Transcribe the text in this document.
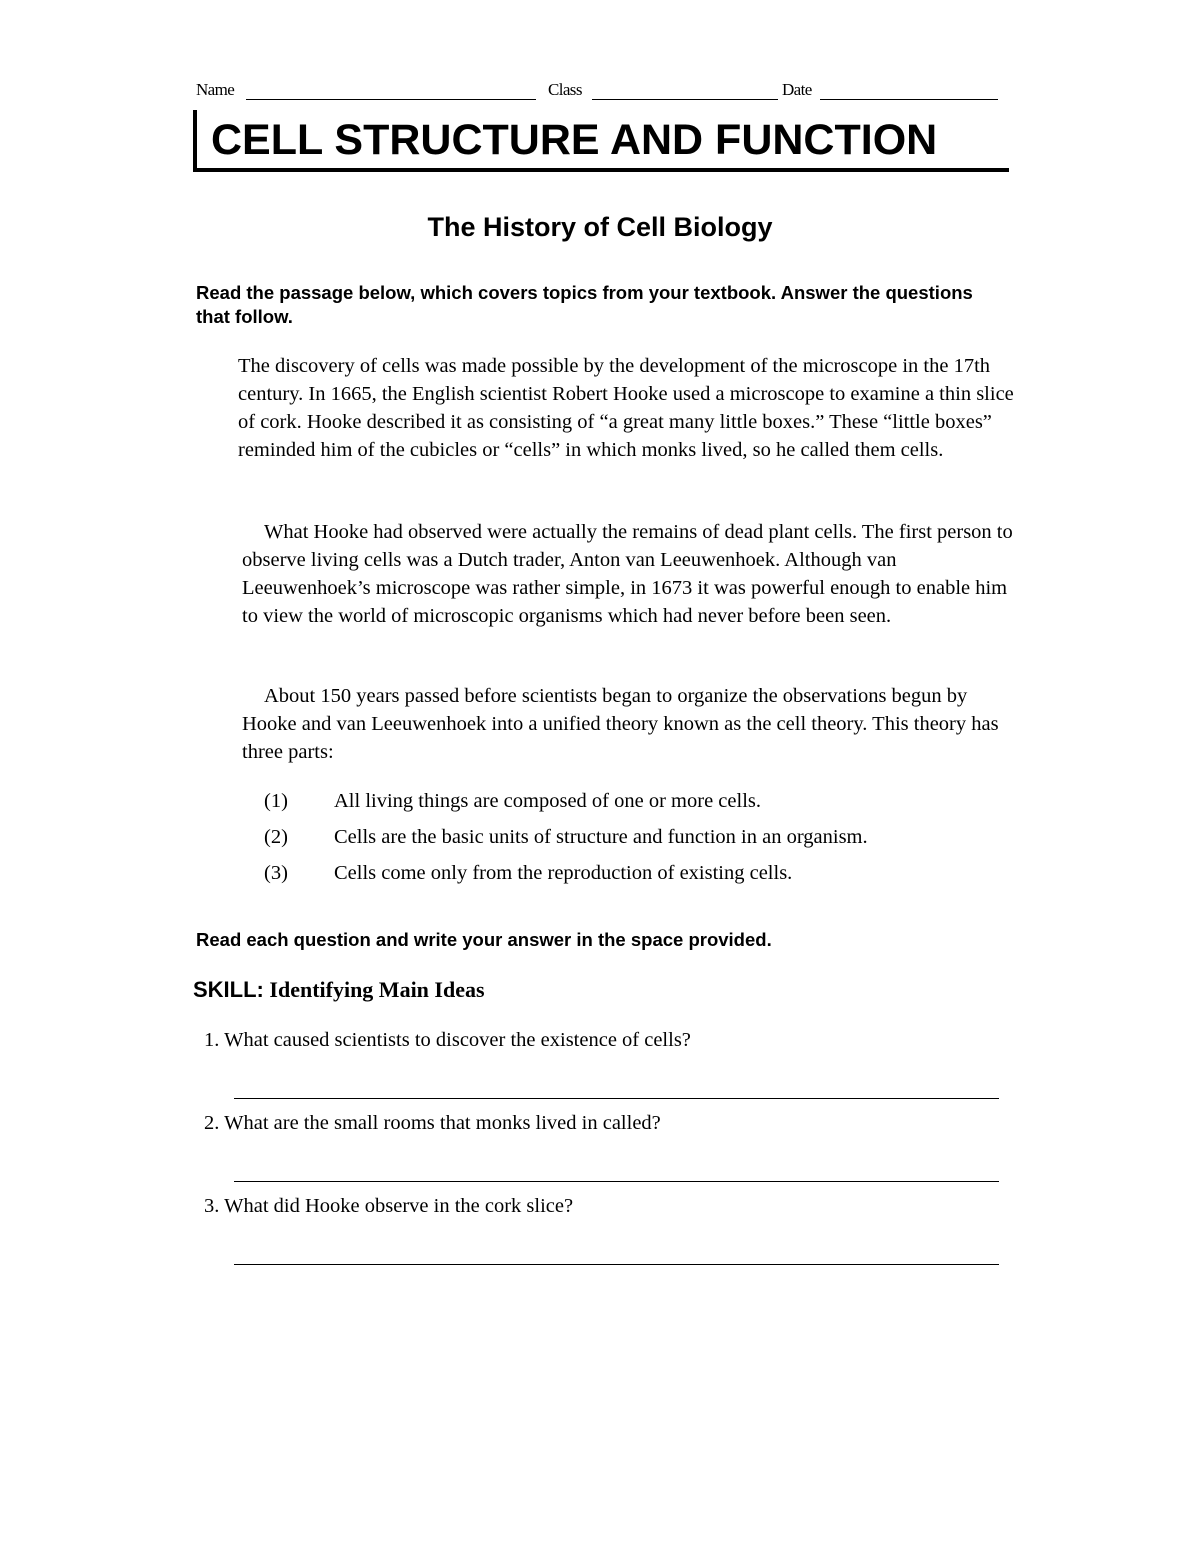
Name	Class	Date
CELL STRUCTURE AND FUNCTION
The History of Cell Biology
Read the passage below, which covers topics from your textbook. Answer the questions that follow.
The discovery of cells was made possible by the development of the microscope in the 17th century. In 1665, the English scientist Robert Hooke used a microscope to examine a thin slice of cork. Hooke described it as consisting of “a great many little boxes.” These “little boxes” reminded him of the cubicles or “cells” in which monks lived, so he called them cells.
What Hooke had observed were actually the remains of dead plant cells. The first person to observe living cells was a Dutch trader, Anton van Leeuwenhoek. Although van Leeuwenhoek’s microscope was rather simple, in 1673 it was powerful enough to enable him to view the world of microscopic organisms which had never before been seen.
About 150 years passed before scientists began to organize the observations begun by Hooke and van Leeuwenhoek into a unified theory known as the cell theory. This theory has three parts:
(1) All living things are composed of one or more cells.
(2) Cells are the basic units of structure and function in an organism.
(3) Cells come only from the reproduction of existing cells.
Read each question and write your answer in the space provided.
SKILL: Identifying Main Ideas
1. What caused scientists to discover the existence of cells?
2. What are the small rooms that monks lived in called?
3. What did Hooke observe in the cork slice?
